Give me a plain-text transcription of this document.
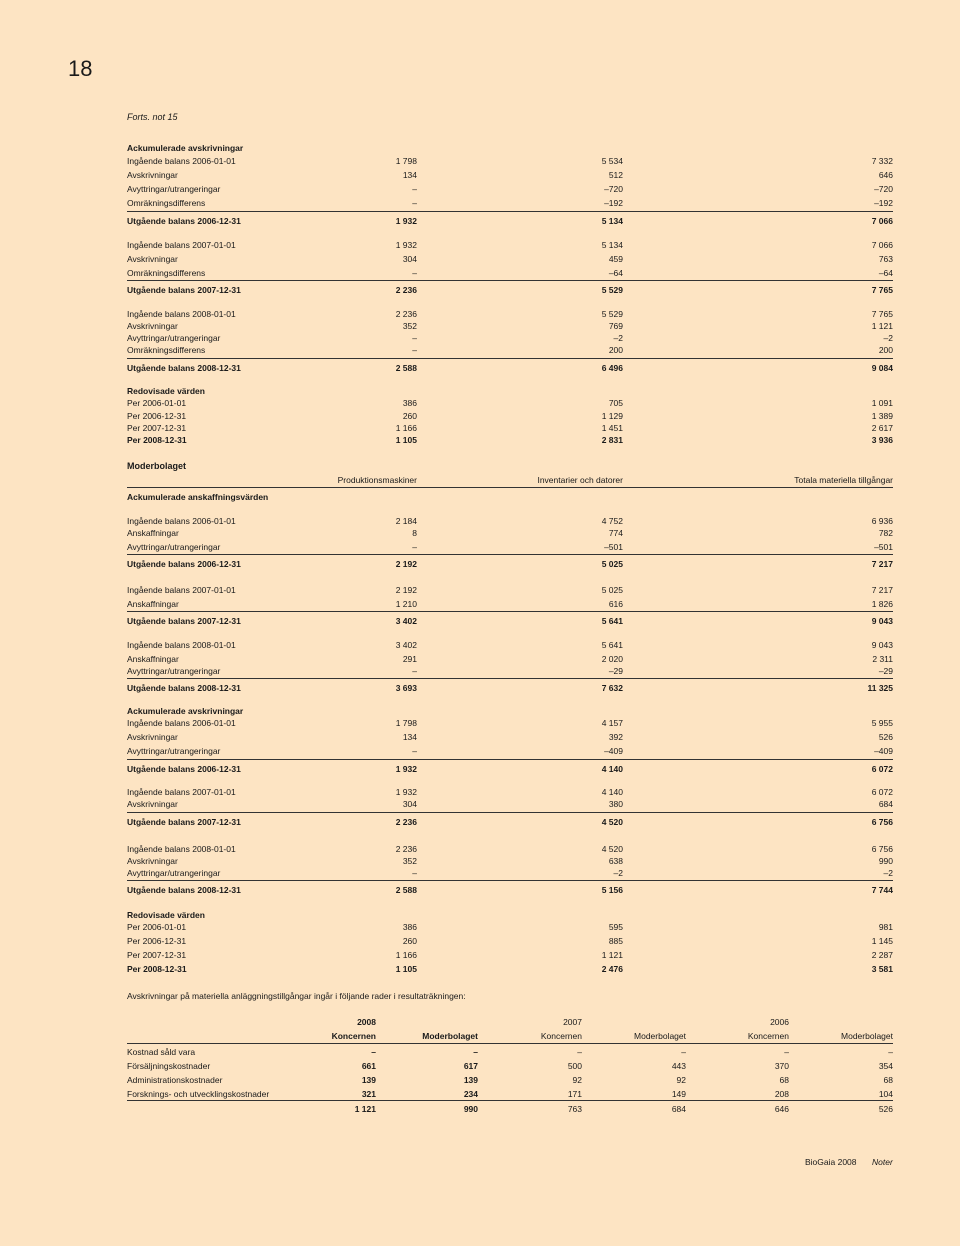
18
Forts. not 15
Ackumulerade avskrivningar
Ingående balans 2006-01-01	1 798	5 534	7 332
Avskrivningar	134	512	646
Avyttringar/utrangeringar	–	–720	–720
Omräkningsdifferens	–	–192	–192
Utgående balans 2006-12-31	1 932	5 134	7 066
Ingående balans 2007-01-01	1 932	5 134	7 066
Avskrivningar	304	459	763
Omräkningsdifferens	–	–64	–64
Utgående balans 2007-12-31	2 236	5 529	7 765
Ingående balans 2008-01-01	2 236	5 529	7 765
Avskrivningar	352	769	1 121
Avyttringar/utrangeringar	–	–2	–2
Omräkningsdifferens	–	200	200
Utgående balans 2008-12-31	2 588	6 496	9 084
Redovisade värden
Per 2006-01-01	386	705	1 091
Per 2006-12-31	260	1 129	1 389
Per 2007-12-31	1 166	1 451	2 617
Per 2008-12-31	1 105	2 831	3 936
Moderbolaget
Produktionsmaskiner	Inventarier och datorer	Totala materiella tillgångar
Ackumulerade anskaffningsvärden
Ingående balans 2006-01-01	2 184	4 752	6 936
Anskaffningar	8	774	782
Avyttringar/utrangeringar	–	–501	–501
Utgående balans 2006-12-31	2 192	5 025	7 217
Ingående balans 2007-01-01	2 192	5 025	7 217
Anskaffningar	1 210	616	1 826
Utgående balans 2007-12-31	3 402	5 641	9 043
Ingående balans 2008-01-01	3 402	5 641	9 043
Anskaffningar	291	2 020	2 311
Avyttringar/utrangeringar	–	–29	–29
Utgående balans 2008-12-31	3 693	7 632	11 325
Ackumulerade avskrivningar
Ingående balans 2006-01-01	1 798	4 157	5 955
Avskrivningar	134	392	526
Avyttringar/utrangeringar	–	–409	–409
Utgående balans 2006-12-31	1 932	4 140	6 072
Ingående balans 2007-01-01	1 932	4 140	6 072
Avskrivningar	304	380	684
Utgående balans 2007-12-31	2 236	4 520	6 756
Ingående balans 2008-01-01	2 236	4 520	6 756
Avskrivningar	352	638	990
Avyttringar/utrangeringar	–	–2	–2
Utgående balans 2008-12-31	2 588	5 156	7 744
Redovisade värden
Per 2006-01-01	386	595	981
Per 2006-12-31	260	885	1 145
Per 2007-12-31	1 166	1 121	2 287
Per 2008-12-31	1 105	2 476	3 581
Avskrivningar på materiella anläggningstillgångar ingår i följande rader i resultaträkningen:
2008	2007	2006
Koncernen	Moderbolaget	Koncernen	Moderbolaget	Koncernen	Moderbolaget
Kostnad såld vara	–	–	–	–	–	–
Försäljningskostnader	661	617	500	443	370	354
Administrationskostnader	139	139	92	92	68	68
Forsknings- och utvecklingskostnader	321	234	171	149	208	104
1 121	990	763	684	646	526
BioGaia 2008 Noter
